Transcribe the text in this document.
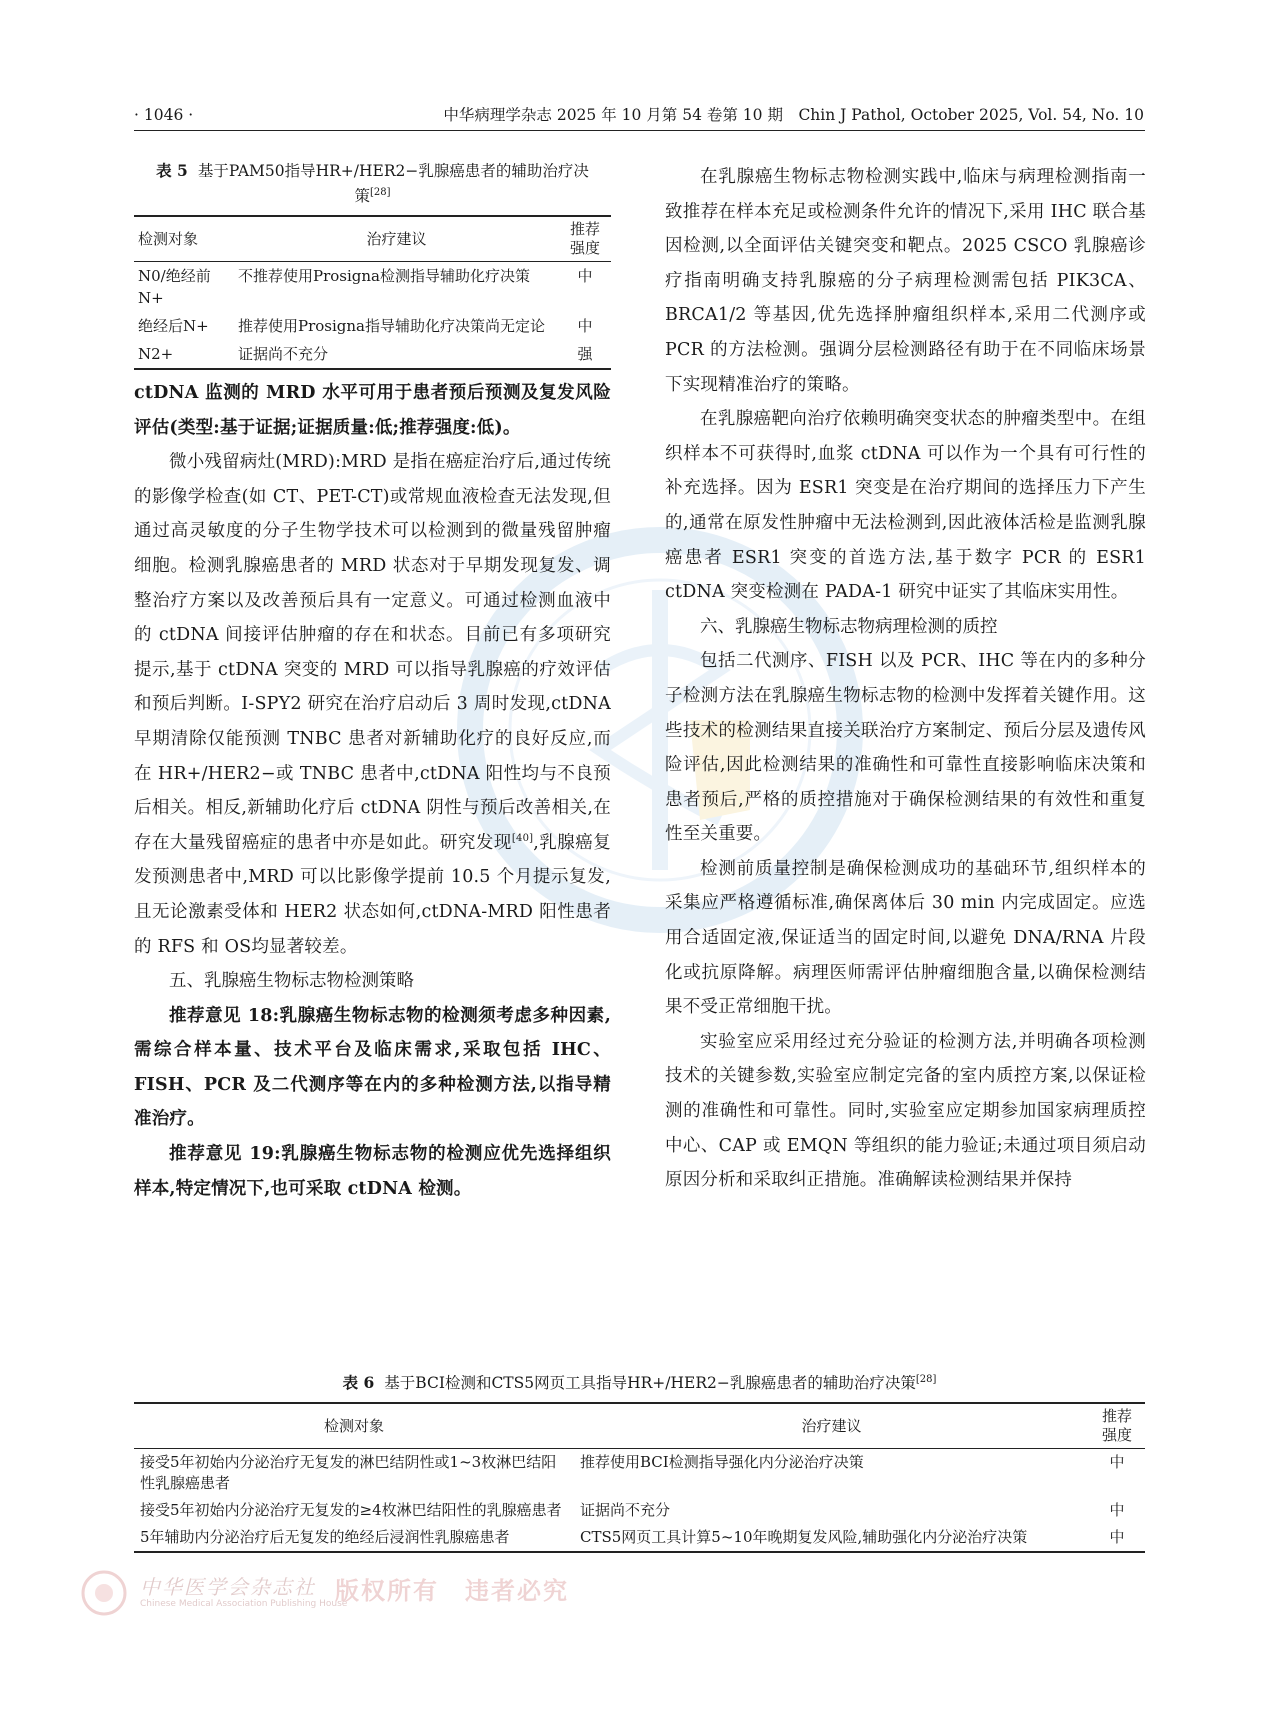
· 1046 ·	中华病理学杂志 2025 年 10 月第 54 卷第 10 期　Chin J Pathol, October 2025, Vol. 54, No. 10
表 5 基于PAM50指导HR+/HER2−乳腺癌患者的辅助治疗决策[28]
检测对象	治疗建议	推荐强度
N0/绝经前N+	不推荐使用Prosigna检测指导辅助化疗决策	中
绝经后N+	推荐使用Prosigna指导辅助化疗决策尚无定论	中
N2+	证据尚不充分	强

ctDNA 监测的 MRD 水平可用于患者预后预测及复发风险评估(类型:基于证据;证据质量:低;推荐强度:低)。

微小残留病灶(MRD):MRD 是指在癌症治疗后,通过传统的影像学检查(如 CT、PET-CT)或常规血液检查无法发现,但通过高灵敏度的分子生物学技术可以检测到的微量残留肿瘤细胞。检测乳腺癌患者的 MRD 状态对于早期发现复发、调整治疗方案以及改善预后具有一定意义。可通过检测血液中的 ctDNA 间接评估肿瘤的存在和状态。目前已有多项研究提示,基于 ctDNA 突变的 MRD 可以指导乳腺癌的疗效评估和预后判断。I-SPY2 研究在治疗启动后 3 周时发现,ctDNA 早期清除仅能预测 TNBC 患者对新辅助化疗的良好反应,而在 HR+/HER2−或 TNBC 患者中,ctDNA 阳性均与不良预后相关。相反,新辅助化疗后 ctDNA 阴性与预后改善相关,在存在大量残留癌症的患者中亦是如此。研究发现[40],乳腺癌复发预测患者中,MRD 可以比影像学提前 10.5 个月提示复发,且无论激素受体和 HER2 状态如何,ctDNA-MRD 阳性患者的 RFS 和 OS均显著较差。

五、乳腺癌生物标志物检测策略

推荐意见 18:乳腺癌生物标志物的检测须考虑多种因素,需综合样本量、技术平台及临床需求,采取包括 IHC、FISH、PCR 及二代测序等在内的多种检测方法,以指导精准治疗。

推荐意见 19:乳腺癌生物标志物的检测应优先选择组织样本,特定情况下,也可采取 ctDNA 检测。

在乳腺癌生物标志物检测实践中,临床与病理检测指南一致推荐在样本充足或检测条件允许的情况下,采用 IHC 联合基因检测,以全面评估关键突变和靶点。2025 CSCO 乳腺癌诊疗指南明确支持乳腺癌的分子病理检测需包括 PIK3CA、BRCA1/2 等基因,优先选择肿瘤组织样本,采用二代测序或 PCR 的方法检测。强调分层检测路径有助于在不同临床场景下实现精准治疗的策略。

在乳腺癌靶向治疗依赖明确突变状态的肿瘤类型中。在组织样本不可获得时,血浆 ctDNA 可以作为一个具有可行性的补充选择。因为 ESR1 突变是在治疗期间的选择压力下产生的,通常在原发性肿瘤中无法检测到,因此液体活检是监测乳腺癌患者 ESR1 突变的首选方法,基于数字 PCR 的 ESR1 ctDNA 突变检测在 PADA-1 研究中证实了其临床实用性。

六、乳腺癌生物标志物病理检测的质控

包括二代测序、FISH 以及 PCR、IHC 等在内的多种分子检测方法在乳腺癌生物标志物的检测中发挥着关键作用。这些技术的检测结果直接关联治疗方案制定、预后分层及遗传风险评估,因此检测结果的准确性和可靠性直接影响临床决策和患者预后,严格的质控措施对于确保检测结果的有效性和重复性至关重要。

检测前质量控制是确保检测成功的基础环节,组织样本的采集应严格遵循标准,确保离体后 30 min 内完成固定。应选用合适固定液,保证适当的固定时间,以避免 DNA/RNA 片段化或抗原降解。病理医师需评估肿瘤细胞含量,以确保检测结果不受正常细胞干扰。

实验室应采用经过充分验证的检测方法,并明确各项检测技术的关键参数,实验室应制定完备的室内质控方案,以保证检测的准确性和可靠性。同时,实验室应定期参加国家病理质控中心、CAP 或 EMQN 等组织的能力验证;未通过项目须启动原因分析和采取纠正措施。准确解读检测结果并保持

表 6 基于BCI检测和CTS5网页工具指导HR+/HER2−乳腺癌患者的辅助治疗决策[28]
检测对象	治疗建议	推荐强度
接受5年初始内分泌治疗无复发的淋巴结阴性或1~3枚淋巴结阳性乳腺癌患者	推荐使用BCI检测指导强化内分泌治疗决策	中
接受5年初始内分泌治疗无复发的≥4枚淋巴结阳性的乳腺癌患者	证据尚不充分	中
5年辅助内分泌治疗后无复发的绝经后浸润性乳腺癌患者	CTS5网页工具计算5~10年晚期复发风险,辅助强化内分泌治疗决策	中
中华医学会杂志社
Chinese Medical Association Publishing House
版权所有　违者必究
